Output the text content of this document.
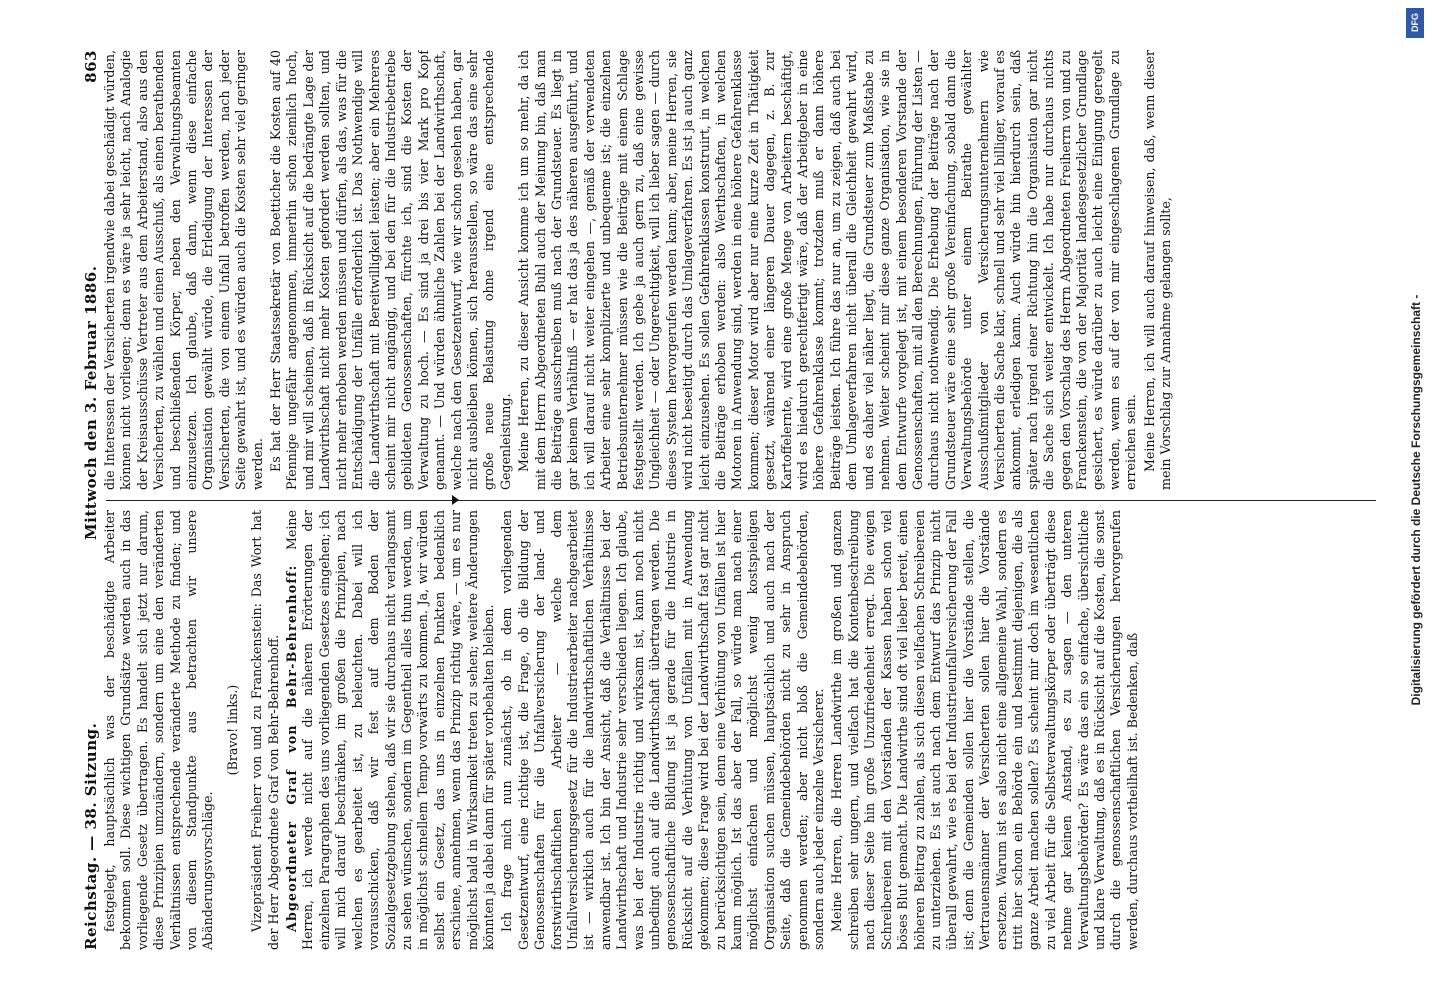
Reichstag. — 38. Sitzung.
Mittwoch den 3. Februar 1886.
863

festgelegt, hauptsächlich was der beschädigte Arbeiter bekommen soll. Diese wichtigen Grundsätze werden auch in das vorliegende Gesetz übertragen. Es handelt sich jetzt nur darum, diese Prinzipien umzuändern, sondern um eine den veränderten Verhältnissen entsprechende veränderte Methode zu finden; und von diesem Standpunkte aus betrachten wir unsere Abänderungsvorschläge.

(Bravo! links.) Vizepräsident Freiherr von und zu Franckenstein: Das Wort hat der Herr Abgeordnete Graf von Behr-Behrenhoff. Abgeordneter Graf von Behr-Behrenhoff: Meine Herren, ich werde nicht auf die näheren Erörterungen der einzelnen Paragraphen des uns vorliegenden Gesetzes eingehen; ich will mich darauf beschränken, im großen die Prinzipien, nach welchen es gearbeitet ist, zu beleuchten. Dabei will ich vorausschicken, daß wir fest auf dem Boden der Sozialgesetzgebung stehen, daß wir sie durchaus nicht verlangsamt zu sehen wünschen, sondern im Gegentheil alles thun werden, um in möglichst schnellem Tempo vorwärts zu kommen. Ja, wir würden selbst ein Gesetz, das uns in einzelnen Punkten bedenklich erschiene, annehmen, wenn das Prinzip richtig wäre, — um es nur möglichst bald in Wirksamkeit treten zu sehen; weitere Änderungen könnten ja dabei dann für später vorbehalten bleiben. Ich frage mich nun zunächst, ob in dem vorliegenden Gesetzentwurf, eine richtige ist, die Frage, ob die Bildung der Genossenschaften für die Unfallversicherung der land- und forstwirthschaftlichen Arbeiter — welche dem Unfallversicherungsgesetz für die Industriearbeiter nachgearbeitet ist — wirklich auch für die landwirthschaftlichen Verhältnisse anwendbar ist. Ich bin der Ansicht, daß die Verhältnisse bei der Landwirthschaft und Industrie sehr verschieden liegen. Ich glaube, was bei der Industrie richtig und wirksam ist, kann noch nicht unbedingt auch auf die Landwirthschaft übertragen werden. Die genossenschaftliche Bildung ist ja gerade für die Industrie in Rücksicht auf die Verhütung von Unfällen mit in Anwendung gekommen; diese Frage wird bei der Landwirthschaft fast gar nicht zu berücksichtigen sein, denn eine Verhütung von Unfällen ist hier kaum möglich. Ist das aber der Fall, so würde man nach einer möglichst einfachen und möglichst wenig kostspieligen Organisation suchen müssen, hauptsächlich und auch nach der Seite, daß die Gemeindebehörden nicht zu sehr in Anspruch genommen werden; aber nicht bloß die Gemeindebehörden, sondern auch jeder einzelne Versicherer. Meine Herren, die Herren Landwirthe im großen und ganzen schreiben sehr ungern, und vielfach hat die Kontenbeschreibung nach dieser Seite hin große Unzufriedenheit erregt. Die ewigen Schreibereien mit den Vorständen der Kassen haben schon viel böses Blut gemacht. Die Landwirthe sind oft viel lieber bereit, einen höheren Beitrag zu zahlen, als sich diesen vielfachen Schreibereien zu unterziehen. Es ist auch nach dem Entwurf das Prinzip nicht überall gewahrt, wie es bei der Industrieunfallversicherung der Fall ist; denn die Gemeinden sollen hier die Vorstände stellen, die Vertrauensmänner der Versicherten sollen hier die Vorstände ersetzen. Warum ist es also nicht eine allgemeine Wahl, sondern es tritt hier schon ein Behörde ein und bestimmt diejenigen, die als ganze Arbeit machen sollen? Es scheint mir doch im wesentlichen zu viel Arbeit für die Selbstverwaltungskörper oder überträgt diese nehme gar keinen Anstand, es zu sagen — den unteren Verwaltungsbehörden? Es wäre das ein so einfache, übersichtliche und klare Verwaltung, daß es in Rücksicht auf die Kosten, die sonst durch die genossenschaftlichen Versicherungen hervorgerufen werden, durchaus vortheilhaft ist. Bedenken, daß

die Interessen der Versicherten irgendwie dabei geschädigt würden, können nicht vorliegen; denn es wäre ja sehr leicht, nach Analogie der Kreisausschüsse Vertreter aus dem Arbeiterstand, also aus den Versicherten, zu wählen und einen Ausschuß, als einen berathenden und beschließenden Körper, neben den Verwaltungsbeamten einzusetzen. Ich glaube, daß dann, wenn diese einfache Organisation gewählt würde, die Erledigung der Interessen der Versicherten, die von einem Unfall betroffen werden, nach jeder Seite gewahrt ist, und es würden auch die Kosten sehr viel geringer werden. Es hat der Herr Staatssekretär von Boetticher die Kosten auf 40 Pfennige ungefähr angenommen, immerhin schon ziemlich hoch, und mir will scheinen, daß in Rücksicht auf die bedrängte Lage der Landwirthschaft nicht mehr Kosten gefordert werden sollten, und nicht mehr erhoben werden müssen und dürfen, als das, was für die Entschädigung der Unfälle erforderlich ist. Das Nothwendige will die Landwirthschaft mit Bereitwilligkeit leisten; aber ein Mehreres scheint mir nicht angängig, und bei den für die Industriebetriebe gebildeten Genossenschaften, fürchte ich, sind die Kosten der Verwaltung zu hoch. — Es sind ja drei bis vier Mark pro Kopf genannt. — Und würden ähnliche Zahlen bei der Landwirthschaft, welche nach den Gesetzentwurf, wie wir schon gesehen haben, gar nicht ausbleiben können, sich herausstellen, so wäre das eine sehr große neue Belastung ohne irgend eine entsprechende Gegenleistung. Meine Herren, zu dieser Ansicht komme ich um so mehr, da ich mit dem Herrn Abgeordneten Buhl auch der Meinung bin, daß man die Beiträge ausschreiben muß nach der Grundsteuer. Es liegt in gar keinem Verhältniß — er hat das ja des näheren ausgeführt, und ich will darauf nicht weiter eingehen —, gemäß der verwendeten Arbeiter eine sehr komplizierte und unbequeme ist; die einzelnen Betriebsunternehmer müssen wie die Beiträge mit einem Schlage festgestellt werden. Ich gebe ja auch gern zu, daß eine gewisse Ungleichheit — oder Ungerechtigkeit, will ich lieber sagen — durch dieses System hervorgerufen werden kann; aber, meine Herren, sie wird nicht beseitigt durch das Umlageverfahren. Es ist ja auch ganz leicht einzusehen. Es sollen Gefahrenklassen konstruirt, in welchen die Beiträge erhoben werden: also Werthschaften, in welchen Motoren in Anwendung sind, werden in eine höhere Gefahrenklasse kommen; dieser Motor wird aber nur eine kurze Zeit in Thätigkeit gesetzt, während einer längeren Dauer dagegen, z. B. zur Kartoffelernte, wird eine große Menge von Arbeitern beschäftigt, wird es hiedurch gerechtfertigt wäre, daß der Arbeitgeber in eine höhere Gefahrenklasse kommt; trotzdem muß er dann höhere Beiträge leisten. Ich führe das nur an, um zu zeigen, daß auch bei dem Umlageverfahren nicht überall die Gleichheit gewahrt wird, und es daher viel näher liegt, die Grundsteuer zum Maßstabe zu nehmen. Weiter scheint mir diese ganze Organisation, wie sie in dem Entwurfe vorgelegt ist, mit einem besonderen Vorstande der Genossenschaften, mit all den Berechnungen, Führung der Listen — durchaus nicht nothwendig. Die Erhebung der Beiträge nach der Grundsteuer wäre eine sehr große Vereinfachung, sobald dann die Verwaltungsbehörde unter einem Beirathe gewählter Ausschußmitglieder von Versicherungsunternehmern wie Versicherten die Sache klar, schnell und sehr viel billiger, worauf es ankommt, erledigen kann. Auch würde hin hierdurch sein, daß später nach irgend einer Richtung hin die Organisation gar nicht die Sache sich weiter entwickelt. Ich habe nur durchaus nichts gegen den Vorschlag des Herrn Abgeordneten Freiherrn von und zu Franckenstein, die von der Majorität landesgesetzlicher Grundlage gesichert, es würde darüber zu auch leicht eine Einigung geregelt werden, wenn es auf der von mir eingeschlagenen Grundlage zu erreichen sein. Meine Herren, ich will auch darauf hinweisen, daß, wenn dieser mein Vorschlag zur Annahme gelangen sollte,	Digitalisierung gefördert durch die Deutsche Forschungsgemeinschaft -
DFG
